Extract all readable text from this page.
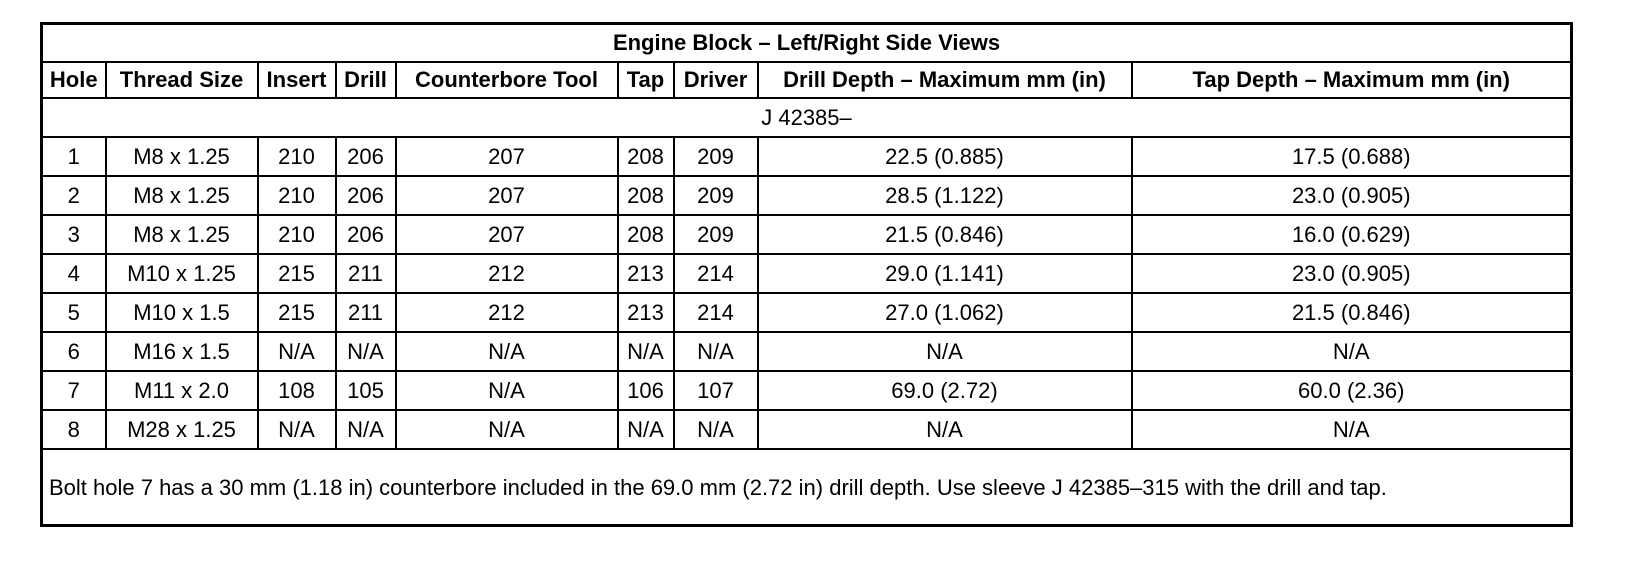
Engine Block – Left/Right Side Views								
Hole	Thread Size	Insert	Drill	Counterbore Tool	Tap	Driver	Drill Depth – Maximum mm (in)	Tap Depth – Maximum mm (in)
J 42385–								
1	M8 x 1.25	210	206	207	208	209	22.5 (0.885)	17.5 (0.688)
2	M8 x 1.25	210	206	207	208	209	28.5 (1.122)	23.0 (0.905)
3	M8 x 1.25	210	206	207	208	209	21.5 (0.846)	16.0 (0.629)
4	M10 x 1.25	215	211	212	213	214	29.0 (1.141)	23.0 (0.905)
5	M10 x 1.5	215	211	212	213	214	27.0 (1.062)	21.5 (0.846)
6	M16 x 1.5	N/A	N/A	N/A	N/A	N/A	N/A	N/A
7	M11 x 2.0	108	105	N/A	106	107	69.0 (2.72)	60.0 (2.36)
8	M28 x 1.25	N/A	N/A	N/A	N/A	N/A	N/A	N/A
Bolt hole 7 has a 30 mm (1.18 in) counterbore included in the 69.0 mm (2.72 in) drill depth. Use sleeve J 42385–315 with the drill and tap.								
